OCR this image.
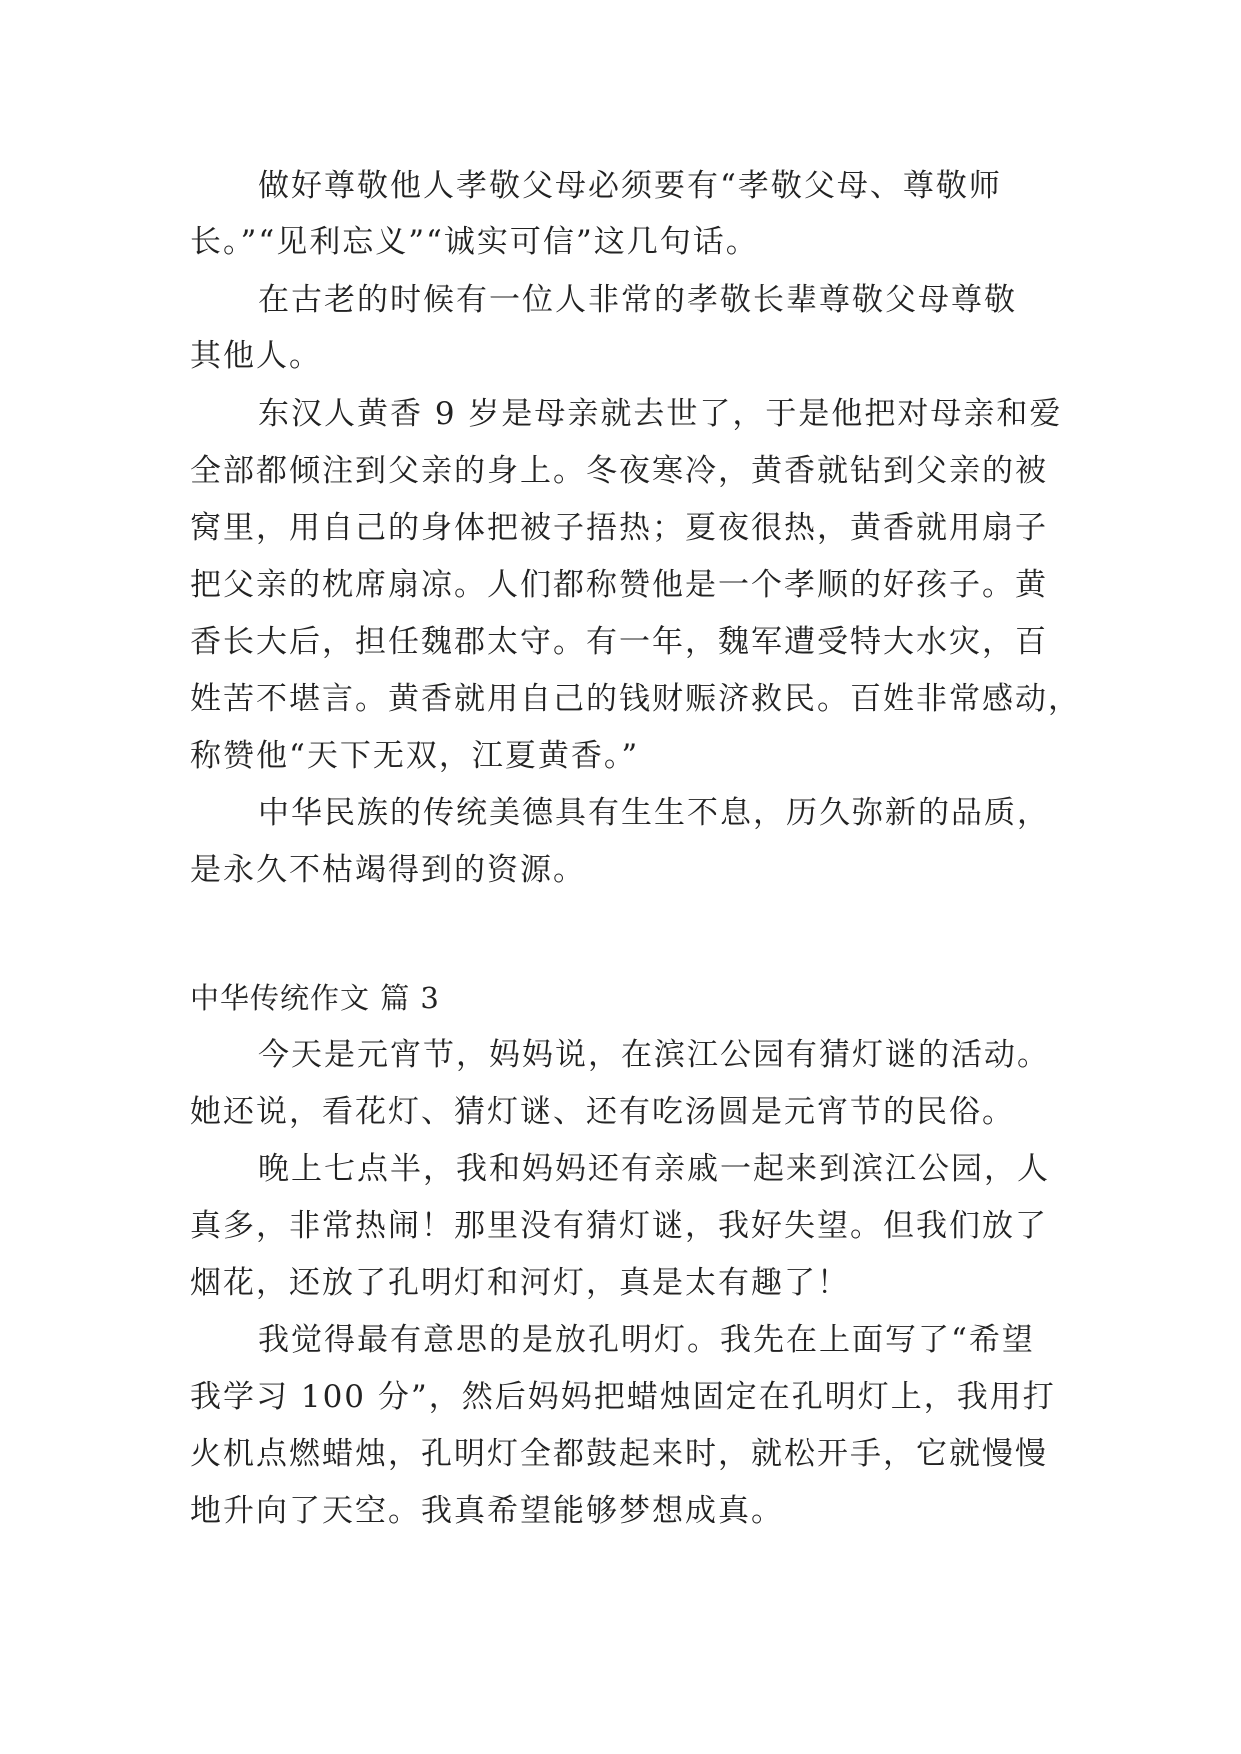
做好尊敬他人孝敬父母必须要有“孝敬父母、尊敬师
长。”“见利忘义”“诚实可信”这几句话。
在古老的时候有一位人非常的孝敬长辈尊敬父母尊敬
其他人。
东汉人黄香 9 岁是母亲就去世了，于是他把对母亲和爱
全部都倾注到父亲的身上。冬夜寒冷，黄香就钻到父亲的被
窝里，用自己的身体把被子捂热；夏夜很热，黄香就用扇子
把父亲的枕席扇凉。人们都称赞他是一个孝顺的好孩子。黄
香长大后，担任魏郡太守。有一年，魏军遭受特大水灾，百
姓苦不堪言。黄香就用自己的钱财赈济救民。百姓非常感动，
称赞他“天下无双，江夏黄香。”
中华民族的传统美德具有生生不息，历久弥新的品质，
是永久不枯竭得到的资源。
中华传统作文 篇 3
今天是元宵节，妈妈说，在滨江公园有猜灯谜的活动。
她还说，看花灯、猜灯谜、还有吃汤圆是元宵节的民俗。
晚上七点半，我和妈妈还有亲戚一起来到滨江公园，人
真多，非常热闹！那里没有猜灯谜，我好失望。但我们放了
烟花，还放了孔明灯和河灯，真是太有趣了！
我觉得最有意思的是放孔明灯。我先在上面写了“希望
我学习 100 分”，然后妈妈把蜡烛固定在孔明灯上，我用打
火机点燃蜡烛，孔明灯全都鼓起来时，就松开手，它就慢慢
地升向了天空。我真希望能够梦想成真。
